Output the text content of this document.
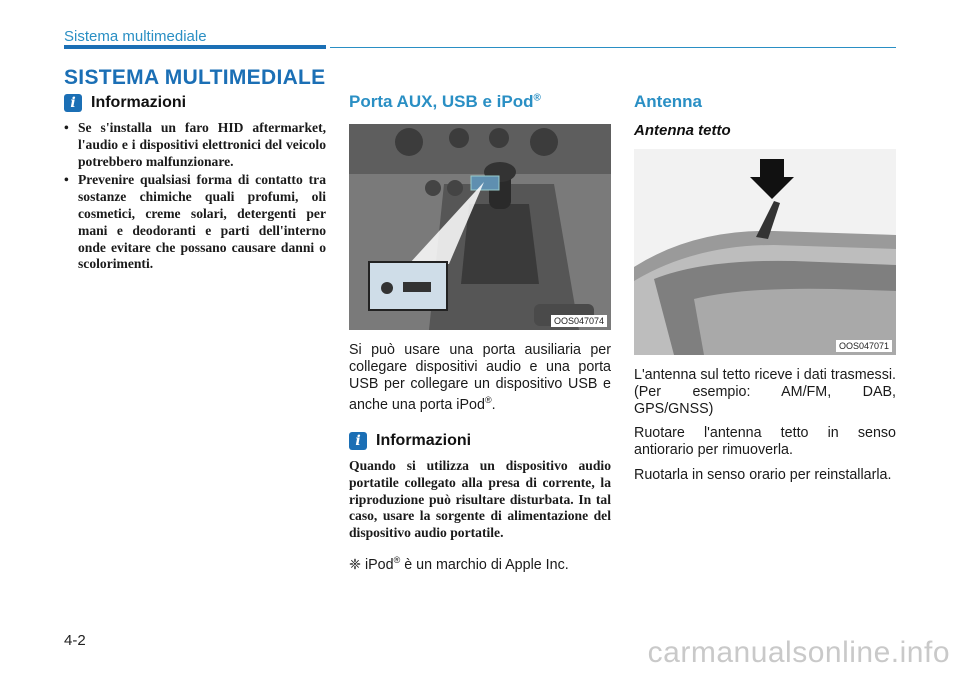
Sistema multimediale
SISTEMA MULTIMEDIALE
i Informazioni
• Se s'installa un faro HID aftermarket, l'audio e i dispositivi elettronici del veicolo potrebbero malfunzionare.
• Prevenire qualsiasi forma di contatto tra sostanze chimiche quali profumi, oli cosmetici, creme solari, detergenti per mani e deodoranti e parti dell'interno onde evitare che possano causare danni o scolorimenti.
Porta AUX, USB e iPod®
OOS047074

Si può usare una porta ausiliaria per collegare dispositivi audio e una porta USB per collegare un dispositivo USB e anche una porta iPod®.

i Informazioni

Quando si utilizza un dispositivo audio portatile collegato alla presa di corrente, la riproduzione può risultare disturbata. In tal caso, usare la sorgente di alimentazione del dispositivo audio portatile.

❈ iPod® è un marchio di Apple Inc.
Antenna
Antenna tetto
OOS047071

L'antenna sul tetto riceve i dati trasmessi. (Per esempio: AM/FM, DAB, GPS/GNSS)

Ruotare l'antenna tetto in senso antiorario per rimuoverla.

Ruotarla in senso orario per reinstallarla.

4-2	carmanualsonline.info
